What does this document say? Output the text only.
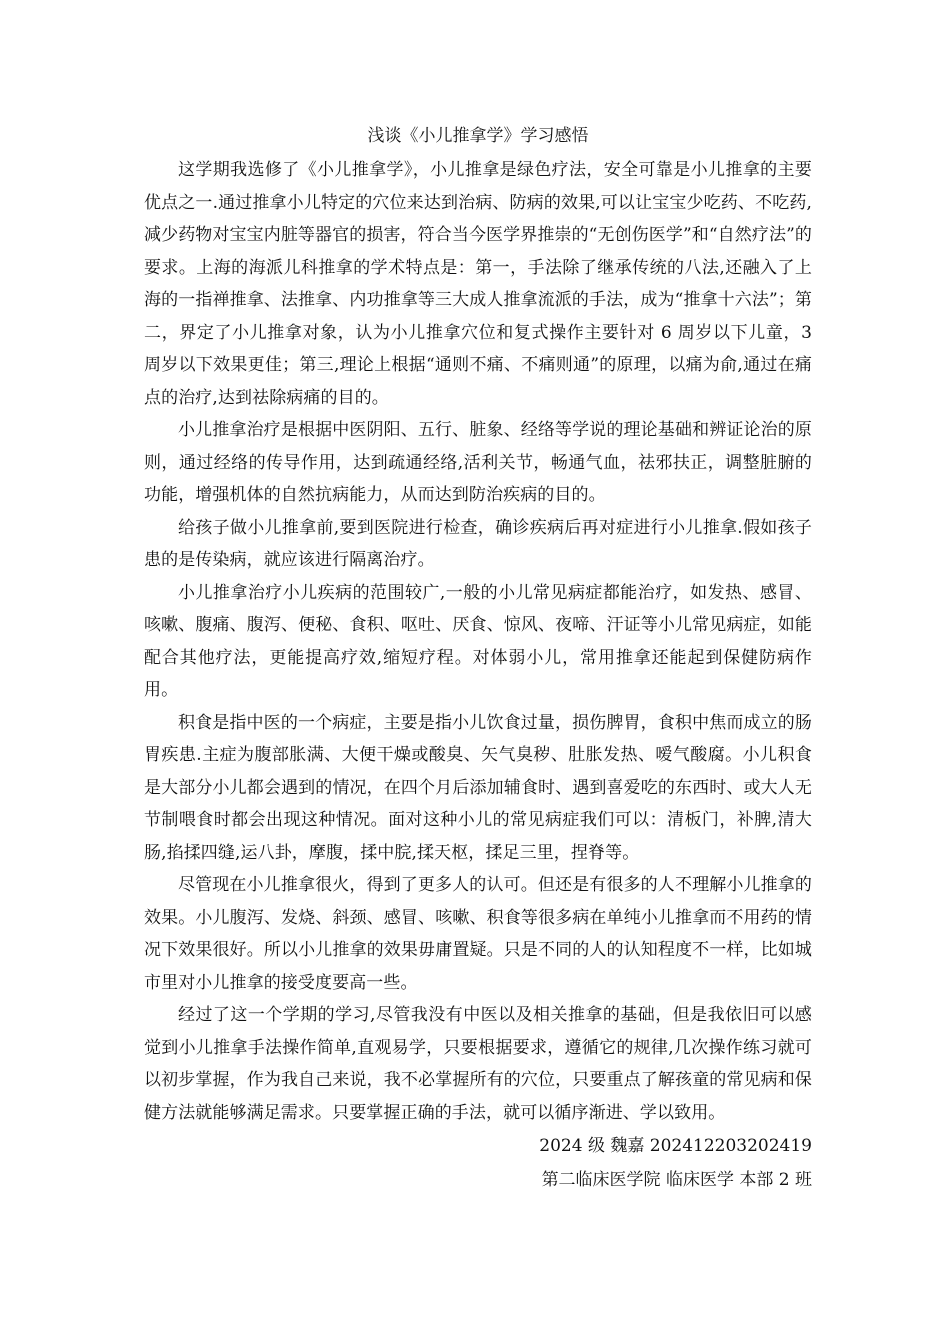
浅谈《小儿推拿学》学习感悟

这学期我选修了《小儿推拿学》，小儿推拿是绿色疗法，安全可靠是小儿推拿的主要优点之一.通过推拿小儿特定的穴位来达到治病、防病的效果,可以让宝宝少吃药、不吃药,减少药物对宝宝内脏等器官的损害，符合当今医学界推崇的“无创伤医学”和“自然疗法”的要求。上海的海派儿科推拿的学术特点是：第一，手法除了继承传统的八法,还融入了上海的一指禅推拿、法推拿、内功推拿等三大成人推拿流派的手法，成为“推拿十六法”；第二，界定了小儿推拿对象，认为小儿推拿穴位和复式操作主要针对 6 周岁以下儿童，3 周岁以下效果更佳；第三,理论上根据“通则不痛、不痛则通”的原理，以痛为俞,通过在痛点的治疗,达到祛除病痛的目的。

小儿推拿治疗是根据中医阴阳、五行、脏象、经络等学说的理论基础和辨证论治的原则，通过经络的传导作用，达到疏通经络,活利关节，畅通气血，祛邪扶正，调整脏腑的功能，增强机体的自然抗病能力，从而达到防治疾病的目的。

给孩子做小儿推拿前,要到医院进行检查，确诊疾病后再对症进行小儿推拿.假如孩子患的是传染病，就应该进行隔离治疗。

小儿推拿治疗小儿疾病的范围较广,一般的小儿常见病症都能治疗，如发热、感冒、咳嗽、腹痛、腹泻、便秘、食积、呕吐、厌食、惊风、夜啼、汗证等小儿常见病症，如能配合其他疗法，更能提高疗效,缩短疗程。对体弱小儿，常用推拿还能起到保健防病作用。

积食是指中医的一个病症，主要是指小儿饮食过量，损伤脾胃，食积中焦而成立的肠胃疾患.主症为腹部胀满、大便干燥或酸臭、矢气臭秽、肚胀发热、嗳气酸腐。小儿积食是大部分小儿都会遇到的情况，在四个月后添加辅食时、遇到喜爱吃的东西时、或大人无节制喂食时都会出现这种情况。面对这种小儿的常见病症我们可以：清板门，补脾,清大肠,掐揉四缝,运八卦，摩腹，揉中脘,揉天枢，揉足三里，捏脊等。

尽管现在小儿推拿很火，得到了更多人的认可。但还是有很多的人不理解小儿推拿的效果。小儿腹泻、发烧、斜颈、感冒、咳嗽、积食等很多病在单纯小儿推拿而不用药的情况下效果很好。所以小儿推拿的效果毋庸置疑。只是不同的人的认知程度不一样，比如城市里对小儿推拿的接受度要高一些。

经过了这一个学期的学习,尽管我没有中医以及相关推拿的基础，但是我依旧可以感觉到小儿推拿手法操作简单,直观易学，只要根据要求，遵循它的规律,几次操作练习就可以初步掌握，作为我自己来说，我不必掌握所有的穴位，只要重点了解孩童的常见病和保健方法就能够满足需求。只要掌握正确的手法，就可以循序渐进、学以致用。

2024 级 魏嘉 202412203202419

第二临床医学院 临床医学 本部 2 班
